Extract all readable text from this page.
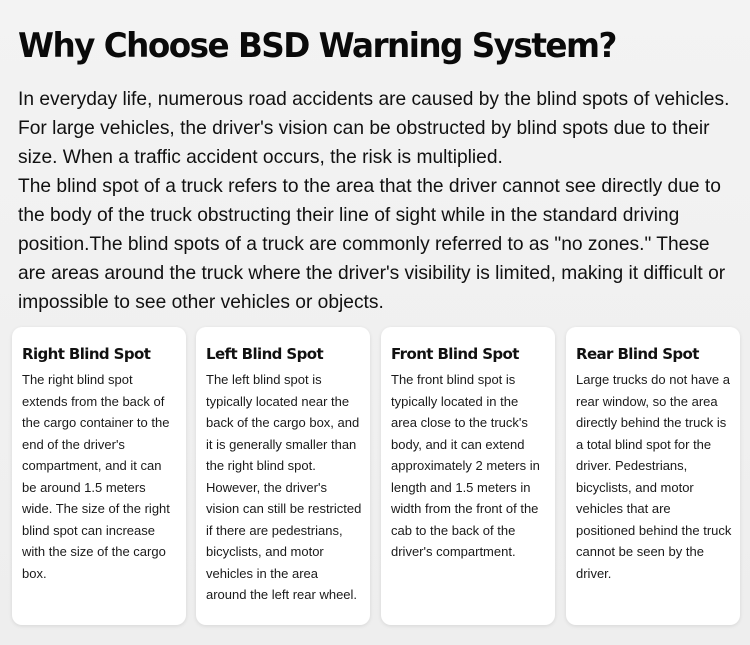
Why Choose BSD Warning System?

In everyday life, numerous road accidents are caused by the blind spots of vehicles. For large vehicles, the driver's vision can be obstructed by blind spots due to their size. When a traffic accident occurs, the risk is multiplied.

The blind spot of a truck refers to the area that the driver cannot see directly due to the body of the truck obstructing their line of sight while in the standard driving position.The blind spots of a truck are commonly referred to as "no zones." These are areas around the truck where the driver's visibility is limited, making it difficult or impossible to see other vehicles or objects.

Right Blind Spot
The right blind spot extends from the back of the cargo container to the end of the driver's compartment, and it can be around 1.5 meters wide. The size of the right blind spot can increase with the size of the cargo box.
Left Blind Spot
The left blind spot is typically located near the back of the cargo box, and it is generally smaller than the right blind spot. However, the driver's vision can still be restricted if there are pedestrians, bicyclists, and motor vehicles in the area around the left rear wheel.
Front Blind Spot
The front blind spot is typically located in the area close to the truck's body, and it can extend approximately 2 meters in length and 1.5 meters in width from the front of the cab to the back of the driver's compartment.
Rear Blind Spot
Large trucks do not have a rear window, so the area directly behind the truck is a total blind spot for the driver. Pedestrians, bicyclists, and motor vehicles that are positioned behind the truck cannot be seen by the driver.
